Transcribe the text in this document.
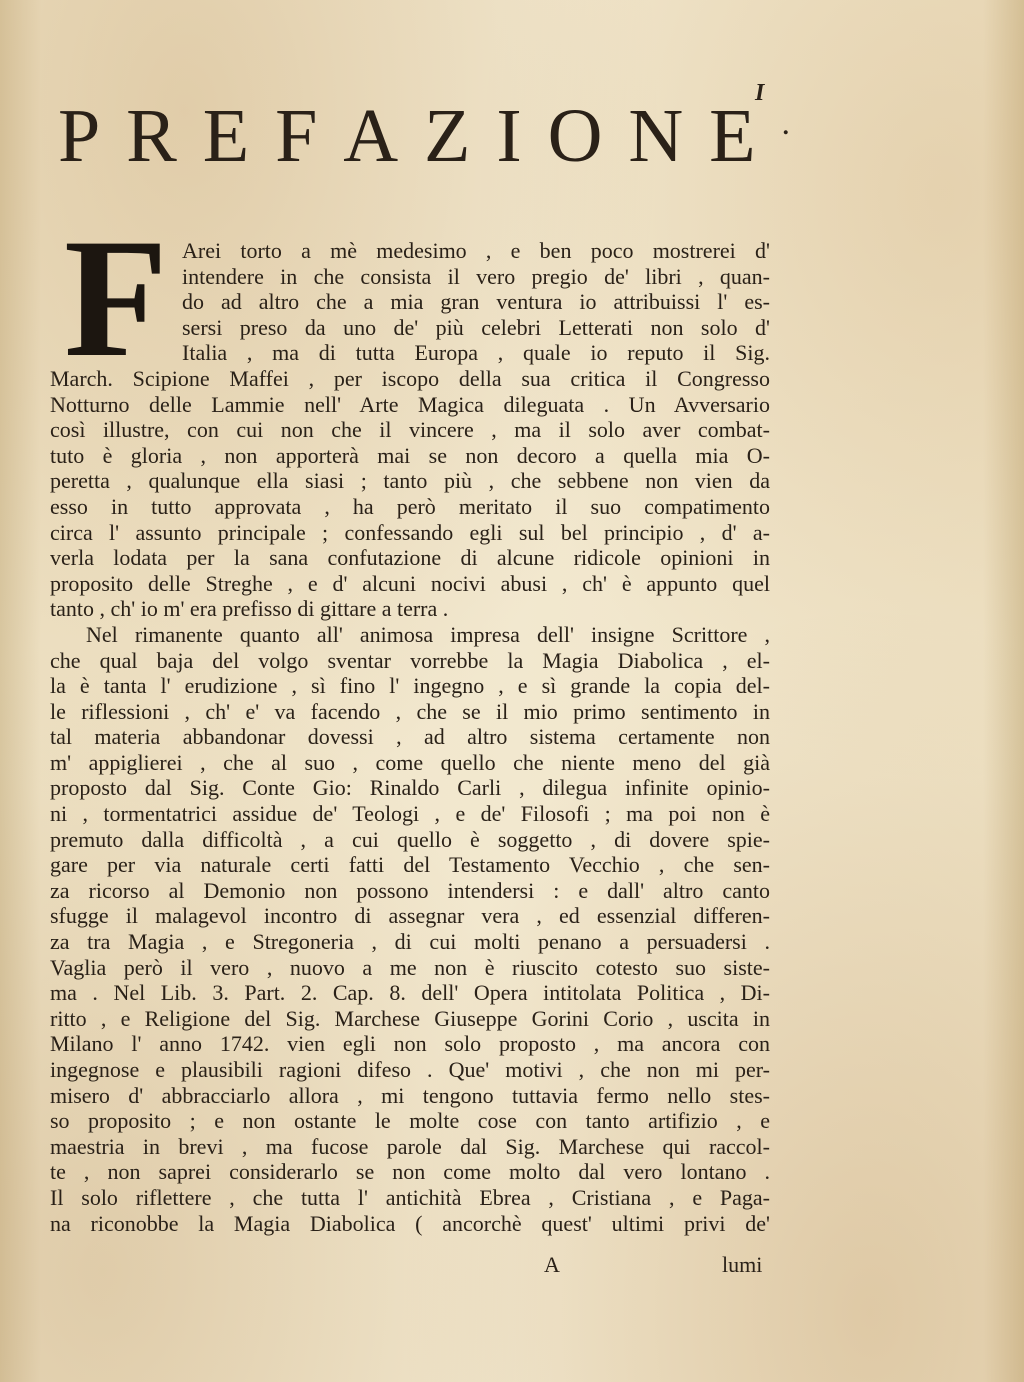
I
P R E F A Z I O N E .
F Arei torto a mè medesimo , e ben poco mostrerei d'
intendere in che consista il vero pregio de' libri , quan-
do ad altro che a mia gran ventura io attribuissi l' es-
sersi preso da uno de' più celebri Letterati non solo d'
Italia , ma di tutta Europa , quale io reputo il Sig.
March. Scipione Maffei , per iscopo della sua critica il Congresso
Notturno delle Lammie nell' Arte Magica dileguata . Un Avversario
così illustre, con cui non che il vincere , ma il solo aver combat-
tuto è gloria , non apporterà mai se non decoro a quella mia O-
peretta , qualunque ella siasi ; tanto più , che sebbene non vien da
esso in tutto approvata , ha però meritato il suo compatimento
circa l' assunto principale ; confessando egli sul bel principio , d' a-
verla lodata per la sana confutazione di alcune ridicole opinioni in
proposito delle Streghe , e d' alcuni nocivi abusi , ch' è appunto quel
tanto , ch' io m' era prefisso di gittare a terra .
Nel rimanente quanto all' animosa impresa dell' insigne Scrittore ,
che qual baja del volgo sventar vorrebbe la Magia Diabolica , el-
la è tanta l' erudizione , sì fino l' ingegno , e sì grande la copia del-
le riflessioni , ch' e' va facendo , che se il mio primo sentimento in
tal materia abbandonar dovessi , ad altro sistema certamente non
m' appiglierei , che al suo , come quello che niente meno del già
proposto dal Sig. Conte Gio: Rinaldo Carli , dilegua infinite opinio-
ni , tormentatrici assidue de' Teologi , e de' Filosofi ; ma poi non è
premuto dalla difficoltà , a cui quello è soggetto , di dovere spie-
gare per via naturale certi fatti del Testamento Vecchio , che sen-
za ricorso al Demonio non possono intendersi : e dall' altro canto
sfugge il malagevol incontro di assegnar vera , ed essenzial differen-
za tra Magia , e Stregoneria , di cui molti penano a persuadersi .
Vaglia però il vero , nuovo a me non è riuscito cotesto suo siste-
ma . Nel Lib. 3. Part. 2. Cap. 8. dell' Opera intitolata Politica , Di-
ritto , e Religione del Sig. Marchese Giuseppe Gorini Corio , uscita in
Milano l' anno 1742. vien egli non solo proposto , ma ancora con
ingegnose e plausibili ragioni difeso . Que' motivi , che non mi per-
misero d' abbracciarlo allora , mi tengono tuttavia fermo nello stes-
so proposito ; e non ostante le molte cose con tanto artifizio , e
maestria in brevi , ma fucose parole dal Sig. Marchese qui raccol-
te , non saprei considerarlo se non come molto dal vero lontano .
Il solo riflettere , che tutta l' antichità Ebrea , Cristiana , e Paga-
na riconobbe la Magia Diabolica ( ancorchè quest' ultimi privi de'
A	lumi
